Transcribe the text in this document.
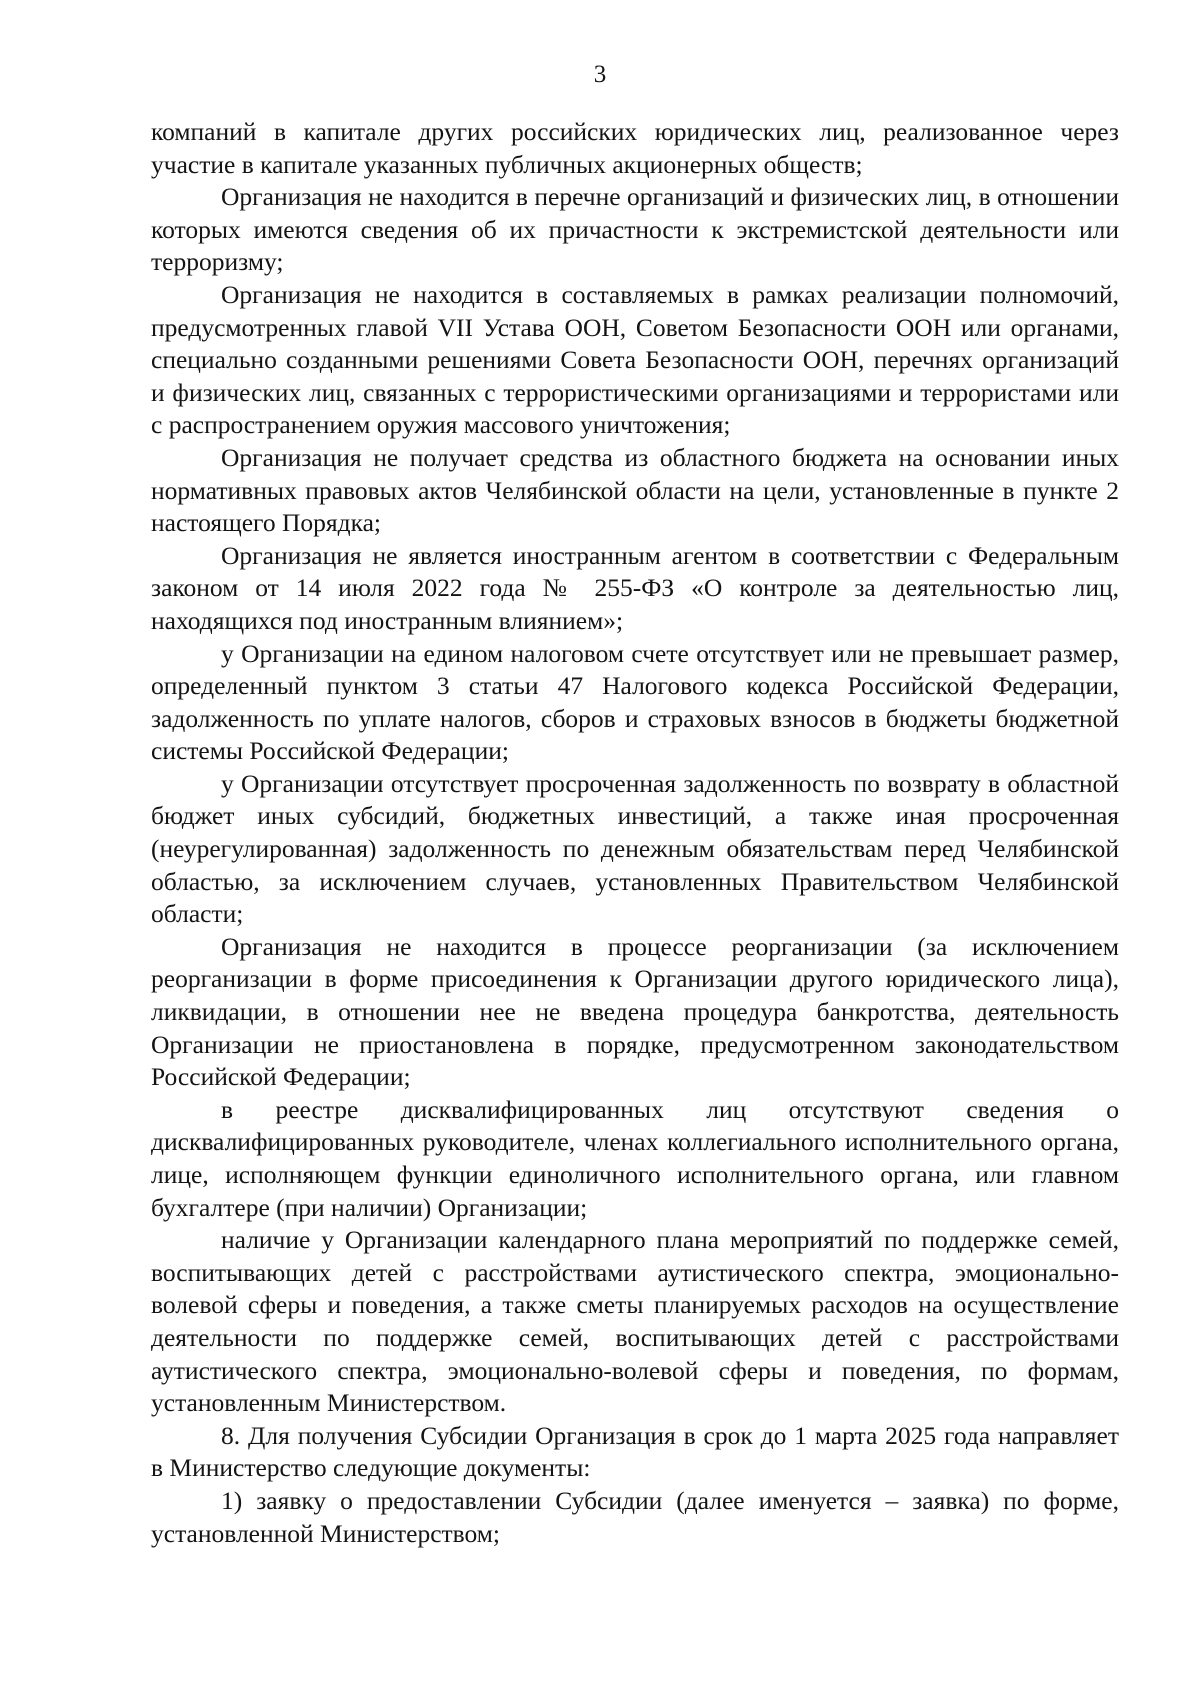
3

компаний в капитале других российских юридических лиц, реализованное через участие в капитале указанных публичных акционерных обществ;

Организация не находится в перечне организаций и физических лиц, в отношении которых имеются сведения об их причастности к экстремистской деятельности или терроризму;

Организация не находится в составляемых в рамках реализации полномочий, предусмотренных главой VII Устава ООН, Советом Безопасности ООН или органами, специально созданными решениями Совета Безопасности ООН, перечнях организаций и физических лиц, связанных с террористическими организациями и террористами или с распространением оружия массового уничтожения;

Организация не получает средства из областного бюджета на основании иных нормативных правовых актов Челябинской области на цели, установленные в пункте 2 настоящего Порядка;

Организация не является иностранным агентом в соответствии с Федеральным законом от 14 июля 2022 года № 255-ФЗ «О контроле за деятельностью лиц, находящихся под иностранным влиянием»;

у Организации на едином налоговом счете отсутствует или не превышает размер, определенный пунктом 3 статьи 47 Налогового кодекса Российской Федерации, задолженность по уплате налогов, сборов и страховых взносов в бюджеты бюджетной системы Российской Федерации;

у Организации отсутствует просроченная задолженность по возврату в областной бюджет иных субсидий, бюджетных инвестиций, а также иная просроченная (неурегулированная) задолженность по денежным обязательствам перед Челябинской областью, за исключением случаев, установленных Правительством Челябинской области;

Организация не находится в процессе реорганизации (за исключением реорганизации в форме присоединения к Организации другого юридического лица), ликвидации, в отношении нее не введена процедура банкротства, деятельность Организации не приостановлена в порядке, предусмотренном законодательством Российской Федерации;

в реестре дисквалифицированных лиц отсутствуют сведения о дисквалифицированных руководителе, членах коллегиального исполнительного органа, лице, исполняющем функции единоличного исполнительного органа, или главном бухгалтере (при наличии) Организации;

наличие у Организации календарного плана мероприятий по поддержке семей, воспитывающих детей с расстройствами аутистического спектра, эмоционально-волевой сферы и поведения, а также сметы планируемых расходов на осуществление деятельности по поддержке семей, воспитывающих детей с расстройствами аутистического спектра, эмоционально-волевой сферы и поведения, по формам, установленным Министерством.

8. Для получения Субсидии Организация в срок до 1 марта 2025 года направляет в Министерство следующие документы:

1) заявку о предоставлении Субсидии (далее именуется – заявка) по форме, установленной Министерством;
